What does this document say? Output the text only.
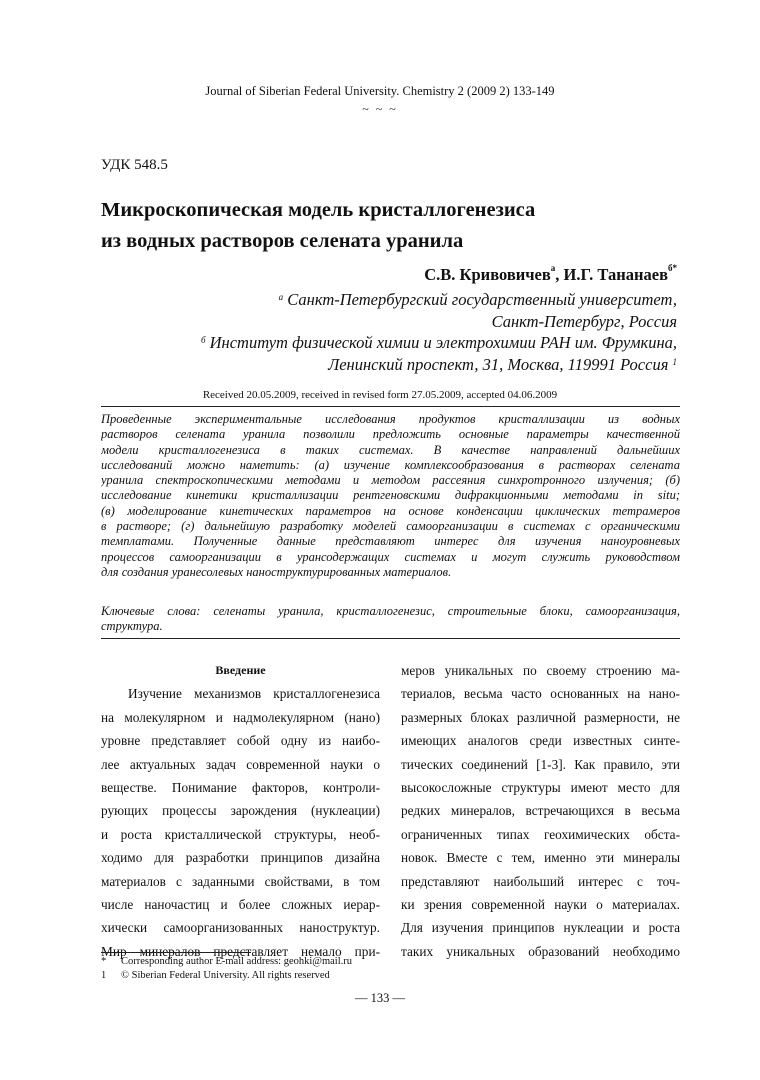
Journal of Siberian Federal University. Chemistry 2 (2009 2) 133-149
~ ~ ~
УДК 548.5
Микроскопическая модель кристаллогенезиса
из водных растворов селената уранила
С.В. Кривовичев$^а$, И.Г. Тананаев$^{б*}$
$^а$ Санкт-Петербургский государственный университет,
Санкт-Петербург, Россия
$^б$ Институт физической химии и электрохимии РАН им. Фрумкина,
Ленинский проспект, 31, Москва, 119991 Россия $^1$
Received 20.05.2009, received in revised form 27.05.2009, accepted 04.06.2009
Проведенные экспериментальные исследования продуктов кристаллизации из водных
растворов селената уранила позволили предложить основные параметры качественной
модели кристаллогенезиса в таких системах. В качестве направлений дальнейших
исследований можно наметить: (а) изучение комплексообразования в растворах селената
уранила спектроскопическими методами и методом рассеяния синхротронного излучения; (б)
исследование кинетики кристаллизации рентгеновскими дифракционными методами in situ;
(в) моделирование кинетических параметров на основе конденсации циклических тетрамеров
в растворе; (г) дальнейшую разработку моделей самоорганизации в системах с органическими
темплатами. Полученные данные представляют интерес для изучения наноуровневых
процессов самоорганизации в урансодержащих системах и могут служить руководством
для создания уранесолевых наноструктурированных материалов.
Ключевые слова: селенаты уранила, кристаллогенезис, строительные блоки, самоорганизация,
структура.
Введение
Изучение механизмов кристаллогенезиса
на молекулярном и надмолекулярном (нано)
уровне представляет собой одну из наибо-
лее актуальных задач современной науки о
веществе. Понимание факторов, контроли-
рующих процессы зарождения (нуклеации)
и роста кристаллической структуры, необ-
ходимо для разработки принципов дизайна
материалов с заданными свойствами, в том
числе наночастиц и более сложных иерар-
хически самоорганизованных наноструктур.
Мир минералов представляет немало при-
меров уникальных по своему строению ма-
териалов, весьма часто основанных на нано-
размерных блоках различной размерности, не
имеющих аналогов среди известных синте-
тических соединений [1-3]. Как правило, эти
высокосложные структуры имеют место для
редких минералов, встречающихся в весьма
ограниченных типах геохимических обста-
новок. Вместе с тем, именно эти минералы
представляют наибольший интерес с точ-
ки зрения современной науки о материалах.
Для изучения принципов нуклеации и роста
таких уникальных образований необходимо
* Corresponding author E-mail address: geohki@mail.ru
1 © Siberian Federal University. All rights reserved
— 133 —
